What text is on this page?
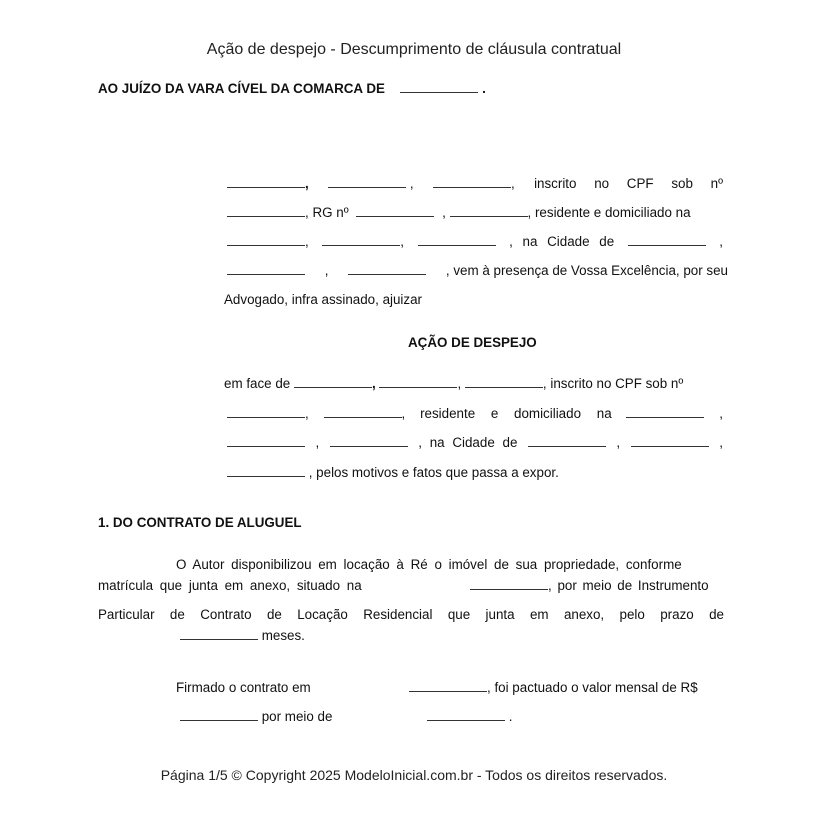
Ação de despejo - Descumprimento de cláusula contratual
AO JUÍZO DA VARA CÍVEL DA COMARCA DE	.
,	,	, inscrito no CPF sob nº
, RG nº	,	, residente e domiciliado na
,	,	, na Cidade de	,
,	, vem à presença de Vossa Excelência, por seu
Advogado, infra assinado, ajuizar
AÇÃO DE DESPEJO
em face de	,	,	, inscrito no CPF sob nº
,	, residente e domiciliado na	,
,	, na Cidade de	,	,
, pelos motivos e fatos que passa a expor.
1. DO CONTRATO DE ALUGUEL
O Autor disponibilizou em locação à Ré o imóvel de sua propriedade, conforme
matrícula que junta em anexo, situado na	, por meio de Instrumento
Particular de Contrato de Locação Residencial que junta em anexo, pelo prazo de
meses.
Firmado o contrato em	, foi pactuado o valor mensal de R$
por meio de	.
Página 1/5 © Copyright 2025 ModeloInicial.com.br - Todos os direitos reservados.
